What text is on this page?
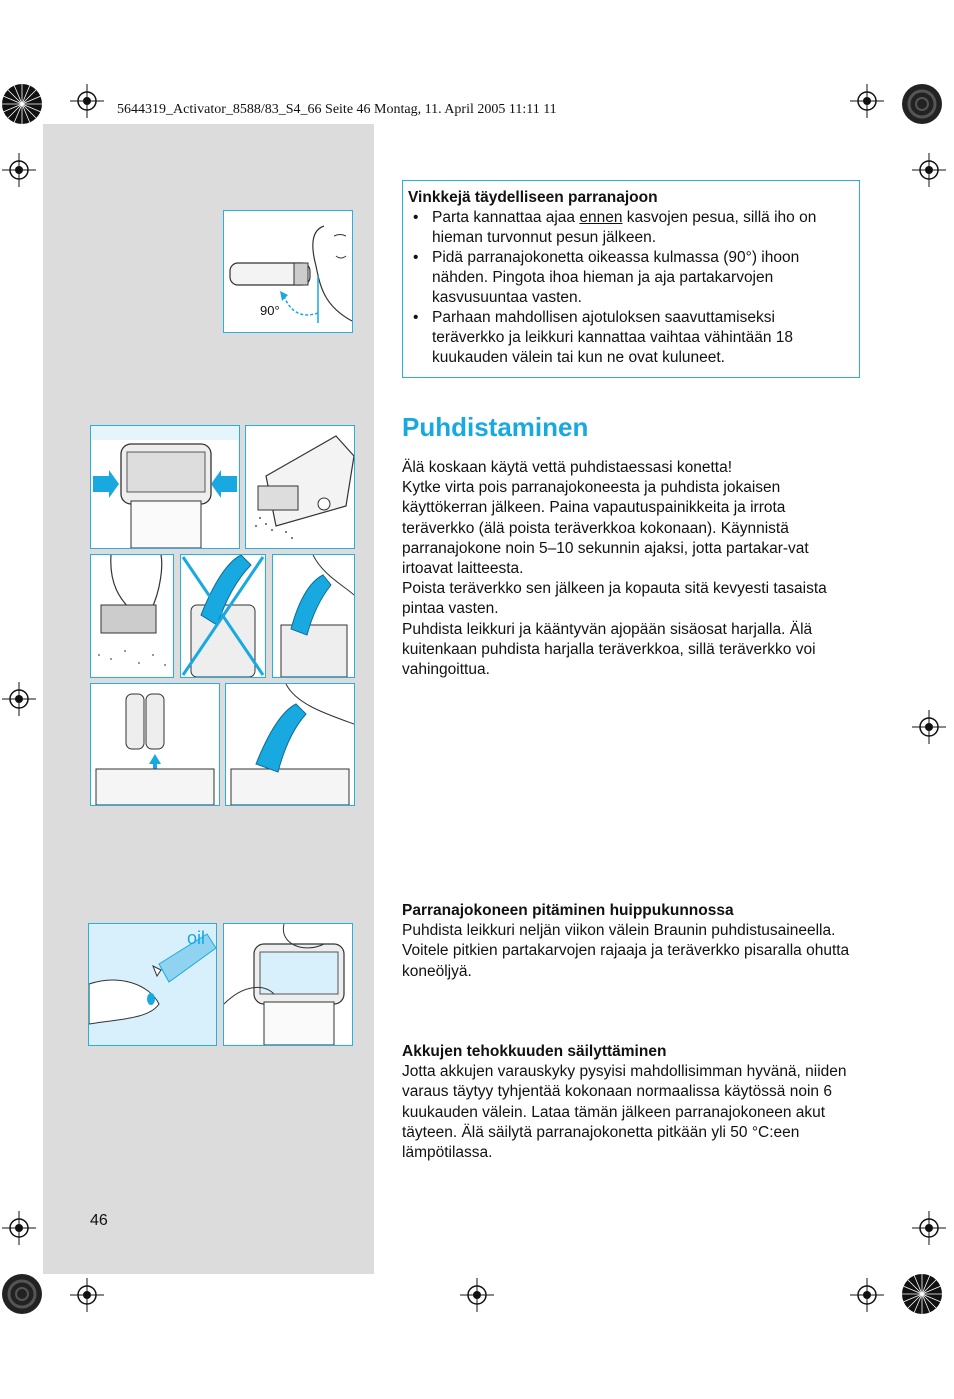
5644319_Activator_8588/83_S4_66 Seite 46 Montag, 11. April 2005 11:11 11
90°
oil
Vinkkejä täydelliseen parranajoon
• Parta kannattaa ajaa ennen kasvojen pesua, sillä iho on hieman turvonnut pesun jälkeen.
• Pidä parranajokonetta oikeassa kulmassa (90°) ihoon nähden. Pingota ihoa hieman ja aja partakarvojen kasvusuuntaa vasten.
• Parhaan mahdollisen ajotuloksen saavuttamiseksi teräverkko ja leikkuri kannattaa vaihtaa vähintään 18 kuukauden välein tai kun ne ovat kuluneet.
Puhdistaminen

Älä koskaan käytä vettä puhdistaessasi konetta!

Kytke virta pois parranajokoneesta ja puhdista jokaisen käyttökerran jälkeen. Paina vapautuspainikkeita ja irrota teräverkko (älä poista teräverkkoa kokonaan). Käynnistä parranajokone noin 5–10 sekunnin ajaksi, jotta partakar-vat irtoavat laitteesta.

Poista teräverkko sen jälkeen ja kopauta sitä kevyesti tasaista pintaa vasten.

Puhdista leikkuri ja kääntyvän ajopään sisäosat harjalla. Älä kuitenkaan puhdista harjalla teräverkkoa, sillä teräverkko voi vahingoittua.

Parranajokoneen pitäminen huippukunnossa

Puhdista leikkuri neljän viikon välein Braunin puhdistusaineella. Voitele pitkien partakarvojen rajaaja ja teräverkko pisaralla ohutta koneöljyä.

Akkujen tehokkuuden säilyttäminen

Jotta akkujen varauskyky pysyisi mahdollisimman hyvänä, niiden varaus täytyy tyhjentää kokonaan normaalissa käytössä noin 6 kuukauden välein. Lataa tämän jälkeen parranajokoneen akut täyteen. Älä säilytä parranajokonetta pitkään yli 50 °C:een lämpötilassa.

46
